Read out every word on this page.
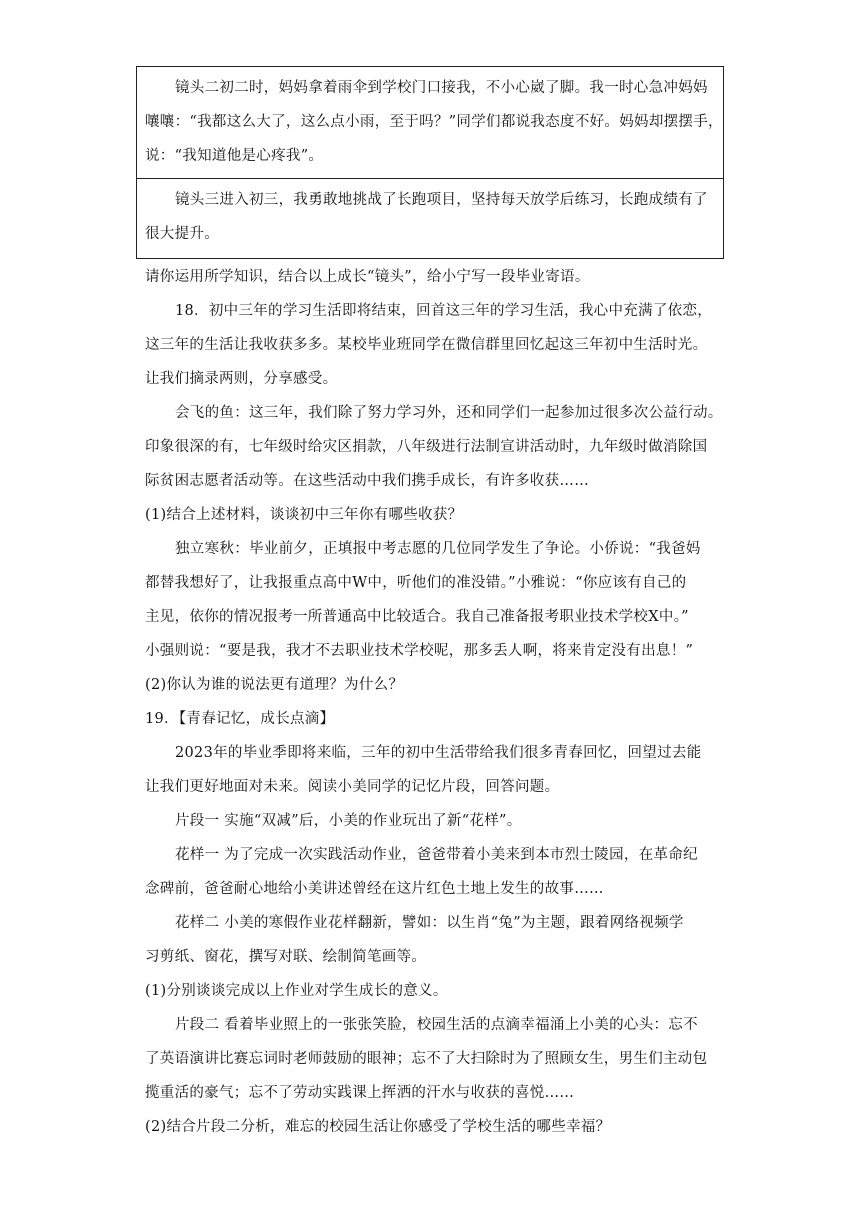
镜头二初二时，妈妈拿着雨伞到学校门口接我，不小心崴了脚。我一时心急冲妈妈
嚷嚷：“我都这么大了，这么点小雨，至于吗？”同学们都说我态度不好。妈妈却摆摆手，
说：“我知道他是心疼我”。
镜头三进入初三，我勇敢地挑战了长跑项目，坚持每天放学后练习，长跑成绩有了
很大提升。
请你运用所学知识，结合以上成长“镜头”，给小宁写一段毕业寄语。
18．初中三年的学习生活即将结束，回首这三年的学习生活，我心中充满了依恋，
这三年的生活让我收获多多。某校毕业班同学在微信群里回忆起这三年初中生活时光。
让我们摘录两则，分享感受。
会飞的鱼：这三年，我们除了努力学习外，还和同学们一起参加过很多次公益行动。
印象很深的有，七年级时给灾区捐款，八年级进行法制宣讲活动时，九年级时做消除国
际贫困志愿者活动等。在这些活动中我们携手成长，有许多收获……
(1)结合上述材料，谈谈初中三年你有哪些收获？
独立寒秋：毕业前夕，正填报中考志愿的几位同学发生了争论。小侨说：“我爸妈
都替我想好了，让我报重点高中W中，听他们的准没错。”小雅说：“你应该有自己的
主见，依你的情况报考一所普通高中比较适合。我自己准备报考职业技术学校X中。”
小强则说：“要是我，我才不去职业技术学校呢，那多丢人啊，将来肯定没有出息！”
(2)你认为谁的说法更有道理？为什么？
19．【青春记忆，成长点滴】
2023年的毕业季即将来临，三年的初中生活带给我们很多青春回忆，回望过去能
让我们更好地面对未来。阅读小美同学的记忆片段，回答问题。
片段一 实施“双减”后，小美的作业玩出了新“花样”。
花样一 为了完成一次实践活动作业，爸爸带着小美来到本市烈士陵园，在革命纪
念碑前，爸爸耐心地给小美讲述曾经在这片红色土地上发生的故事……
花样二 小美的寒假作业花样翻新，譬如：以生肖“兔”为主题，跟着网络视频学
习剪纸、窗花，撰写对联、绘制简笔画等。
(1)分别谈谈完成以上作业对学生成长的意义。
片段二 看着毕业照上的一张张笑脸，校园生活的点滴幸福涌上小美的心头：忘不
了英语演讲比赛忘词时老师鼓励的眼神；忘不了大扫除时为了照顾女生，男生们主动包
揽重活的豪气；忘不了劳动实践课上挥洒的汗水与收获的喜悦……
(2)结合片段二分析，难忘的校园生活让你感受了学校生活的哪些幸福？
